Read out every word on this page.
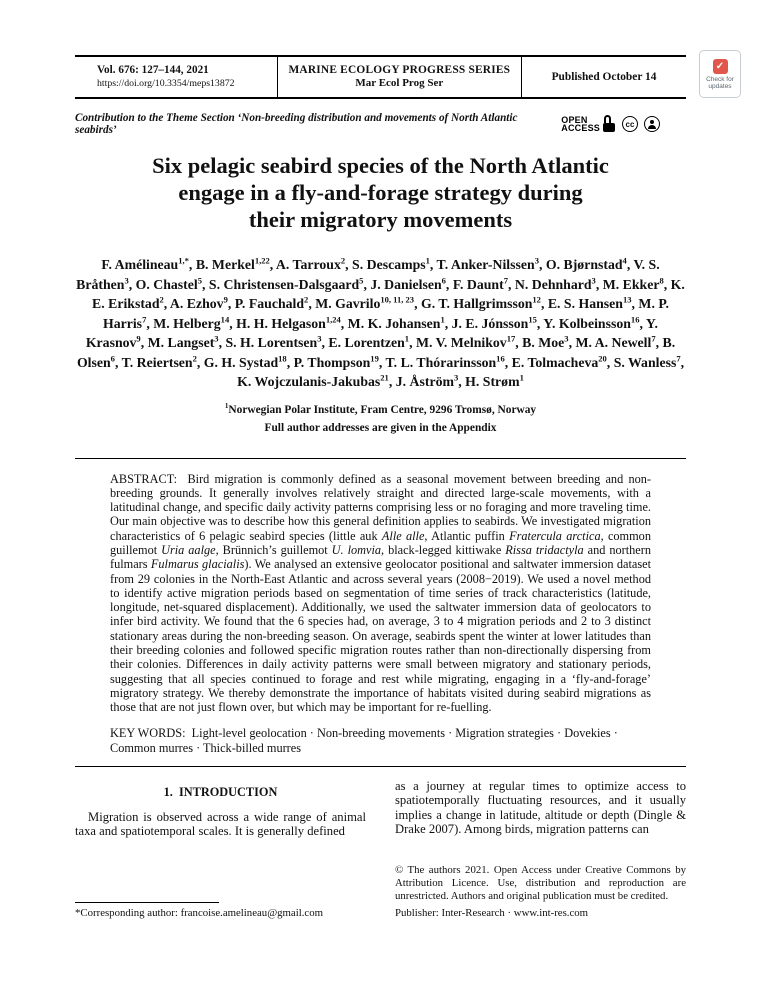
✓
Check for
updates
Vol. 676: 127–144, 2021
https://doi.org/10.3354/meps13872
MARINE ECOLOGY PROGRESS SERIES
Mar Ecol Prog Ser
Published October 14
Contribution to the Theme Section ‘Non-breeding distribution and movements of North Atlantic seabirds’
OPEN
ACCESS	cc
Six pelagic seabird species of the North Atlantic
engage in a fly-and-forage strategy during
their migratory movements
F. Amélineau$^{1,*}$, B. Merkel$^{1,22}$, A. Tarroux$^2$, S. Descamps$^1$, T. Anker-Nilssen$^3$, O. Bjørnstad$^4$, V. S. Bråthen$^3$, O. Chastel$^5$, S. Christensen-Dalsgaard$^5$, J. Danielsen$^6$, F. Daunt$^7$, N. Dehnhard$^3$, M. Ekker$^8$, K. E. Erikstad$^2$, A. Ezhov$^9$, P. Fauchald$^2$, M. Gavrilo$^{10, 11, 23}$, G. T. Hallgrimsson$^{12}$, E. S. Hansen$^{13}$, M. P. Harris$^7$, M. Helberg$^{14}$, H. H. Helgason$^{1,24}$, M. K. Johansen$^1$, J. E. Jónsson$^{15}$, Y. Kolbeinsson$^{16}$, Y. Krasnov$^9$, M. Langset$^3$, S. H. Lorentsen$^3$, E. Lorentzen$^1$, M. V. Melnikov$^{17}$, B. Moe$^3$, M. A. Newell$^7$, B. Olsen$^6$, T. Reiertsen$^2$, G. H. Systad$^{18}$, P. Thompson$^{19}$, T. L. Thórarinsson$^{16}$, E. Tolmacheva$^{20}$, S. Wanless$^7$, K. Wojczulanis-Jakubas$^{21}$, J. Åström$^3$, H. Strøm$^1$
$^1$Norwegian Polar Institute, Fram Centre, 9296 Tromsø, Norway
Full author addresses are given in the Appendix

ABSTRACT:  Bird migration is commonly defined as a seasonal movement between breeding and non-breeding grounds. It generally involves relatively straight and directed large-scale movements, with a latitudinal change, and specific daily activity patterns comprising less or no foraging and more traveling time. Our main objective was to describe how this general definition applies to seabirds. We investigated migration characteristics of 6 pelagic seabird species (little auk Alle alle, Atlantic puffin Fratercula arctica, common guillemot Uria aalge, Brünnich’s guillemot U. lomvia, black-legged kittiwake Rissa tridactyla and northern fulmars Fulmarus glacialis). We analysed an extensive geolocator positional and saltwater immersion dataset from 29 colonies in the North-East Atlantic and across several years (2008−2019). We used a novel method to identify active migration periods based on segmentation of time series of track characteristics (latitude, longitude, net-squared displacement). Additionally, we used the saltwater immersion data of geolocators to infer bird activity. We found that the 6 species had, on average, 3 to 4 migration periods and 2 to 3 distinct stationary areas during the non-breeding season. On average, seabirds spent the winter at lower latitudes than their breeding colonies and followed specific migration routes rather than non-directionally dispersing from their colonies. Differences in daily activity patterns were small between migratory and stationary periods, suggesting that all species continued to forage and rest while migrating, engaging in a ‘fly-and-forage’ migratory strategy. We thereby demonstrate the importance of habitats visited during seabird migrations as those that are not just flown over, but which may be important for re-fuelling.

KEY WORDS:  Light-level geolocation · Non-breeding movements · Migration strategies · Dovekies · Common murres · Thick-billed murres

1.  INTRODUCTION

Migration is observed across a wide range of animal taxa and spatiotemporal scales. It is generally defined

*Corresponding author: francoise.amelineau@gmail.com

as a journey at regular times to optimize access to spatiotemporally fluctuating resources, and it usually implies a change in latitude, altitude or depth (Dingle & Drake 2007). Among birds, migration patterns can

© The authors 2021. Open Access under Creative Commons by Attribution Licence. Use, distribution and reproduction are unrestricted. Authors and original publication must be credited.

Publisher: Inter-Research · www.int-res.com
